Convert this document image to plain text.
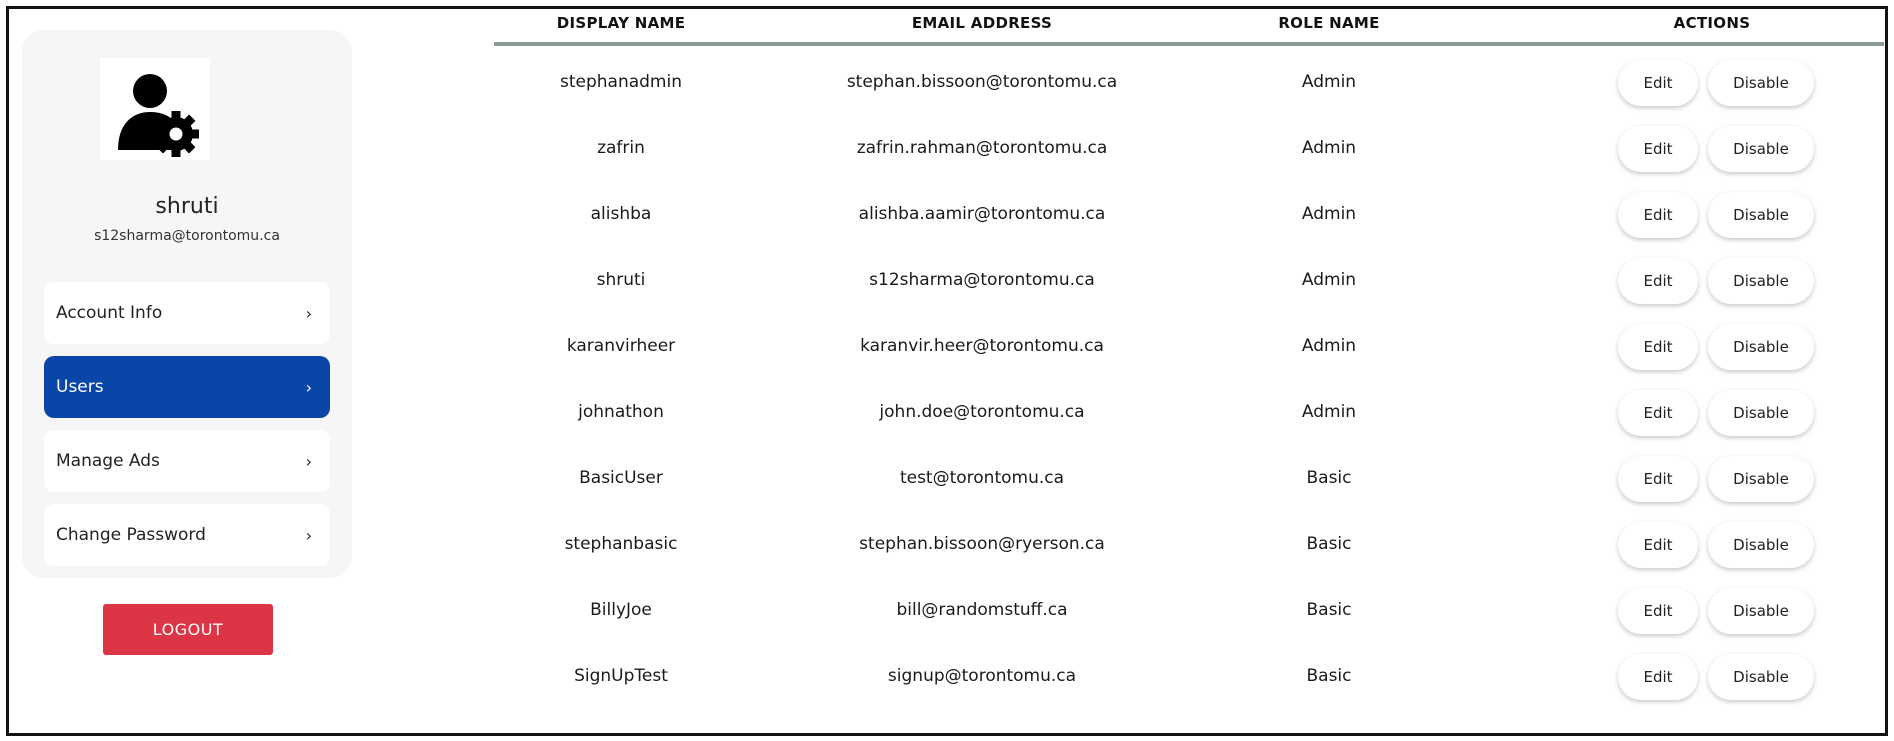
shruti
s12sharma@torontomu.ca
Account Info	›
Users	›
Manage Ads	›
Change Password	›
LOGOUT
DISPLAY NAME	EMAIL ADDRESS	ROLE NAME	ACTIONS
stephanadmin	stephan.bissoon@torontomu.ca	Admin	Edit	Disable
zafrin	zafrin.rahman@torontomu.ca	Admin	Edit	Disable
alishba	alishba.aamir@torontomu.ca	Admin	Edit	Disable
shruti	s12sharma@torontomu.ca	Admin	Edit	Disable
karanvirheer	karanvir.heer@torontomu.ca	Admin	Edit	Disable
johnathon	john.doe@torontomu.ca	Admin	Edit	Disable
BasicUser	test@torontomu.ca	Basic	Edit	Disable
stephanbasic	stephan.bissoon@ryerson.ca	Basic	Edit	Disable
BillyJoe	bill@randomstuff.ca	Basic	Edit	Disable
SignUpTest	signup@torontomu.ca	Basic	Edit	Disable
